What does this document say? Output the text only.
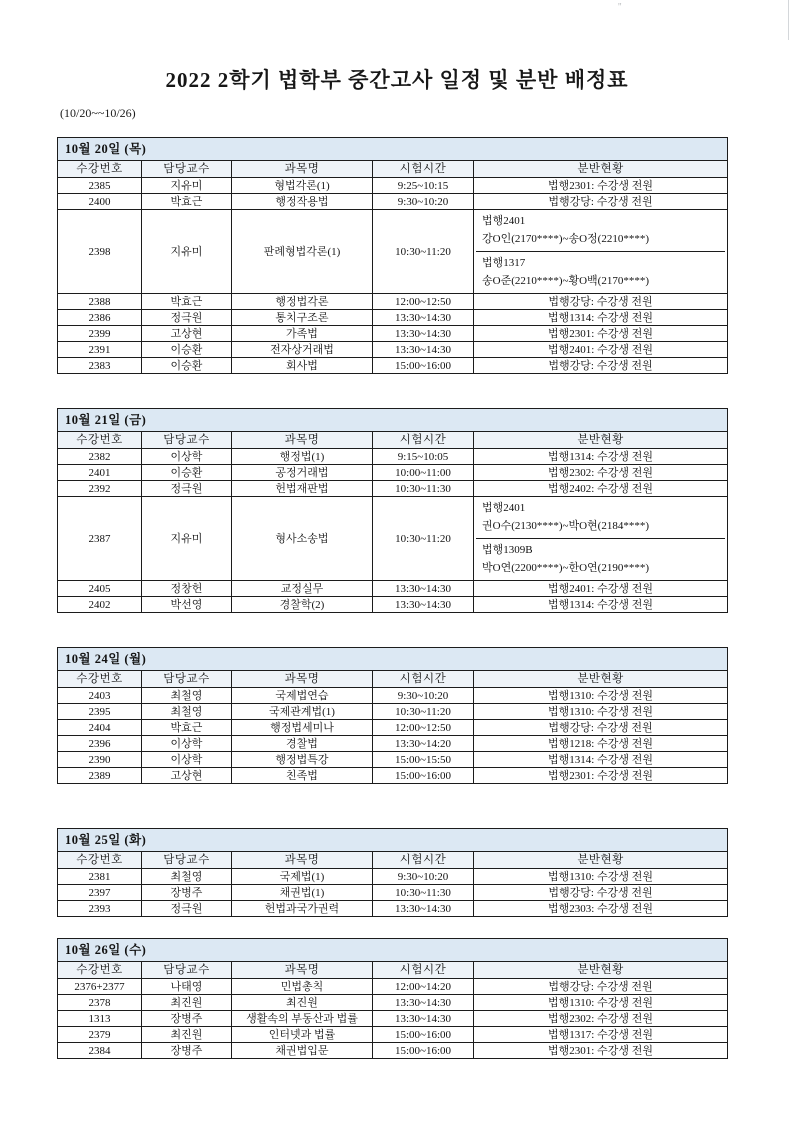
''
2022 2학기 법학부 중간고사 일정 및 분반 배정표
(10/20~~10/26)
10월 20일 (목)				
수강번호	담당교수	과목명	시험시간	분반현황
2385	지유미	형법각론(1)	9:25~10:15	법행2301: 수강생 전원
2400	박효근	행정작용법	9:30~10:20	법행강당: 수강생 전원
2398	지유미	판례형법각론(1)	10:30~11:20	법행2401
강O인(2170****)~송O정(2210****)
법행1317
송O준(2210****)~황O백(2170****)

2388	박효근	행정법각론	12:00~12:50	법행강당: 수강생 전원
2386	정극원	통치구조론	13:30~14:30	법행1314: 수강생 전원
2399	고상현	가족법	13:30~14:30	법행2301: 수강생 전원
2391	이승환	전자상거래법	13:30~14:30	법행2401: 수강생 전원
2383	이승환	회사법	15:00~16:00	법행강당: 수강생 전원
10월 21일 (금)				
수강번호	담당교수	과목명	시험시간	분반현황
2382	이상학	행정법(1)	9:15~10:05	법행1314: 수강생 전원
2401	이승환	공정거래법	10:00~11:00	법행2302: 수강생 전원
2392	정극원	헌법재판법	10:30~11:30	법행2402: 수강생 전원
2387	지유미	형사소송법	10:30~11:20	법행2401
권O수(2130****)~박O현(2184****)
법행1309B
박O연(2200****)~한O연(2190****)

2405	정창헌	교정실무	13:30~14:30	법행2401: 수강생 전원
2402	박선영	경찰학(2)	13:30~14:30	법행1314: 수강생 전원
10월 24일 (월)				
수강번호	담당교수	과목명	시험시간	분반현황
2403	최철영	국제법연습	9:30~10:20	법행1310: 수강생 전원
2395	최철영	국제관계법(1)	10:30~11:20	법행1310: 수강생 전원
2404	박효근	행정법세미나	12:00~12:50	법행강당: 수강생 전원
2396	이상학	경찰법	13:30~14:20	법행1218: 수강생 전원
2390	이상학	행정법특강	15:00~15:50	법행1314: 수강생 전원
2389	고상현	친족법	15:00~16:00	법행2301: 수강생 전원
10월 25일 (화)				
수강번호	담당교수	과목명	시험시간	분반현황
2381	최철영	국제법(1)	9:30~10:20	법행1310: 수강생 전원
2397	장병주	채권법(1)	10:30~11:30	법행강당: 수강생 전원
2393	정극원	헌법과국가권력	13:30~14:30	법행2303: 수강생 전원
10월 26일 (수)				
수강번호	담당교수	과목명	시험시간	분반현황
2376+2377	나태영	민법총칙	12:00~14:20	법행강당: 수강생 전원
2378	최진원	최진원	13:30~14:30	법행1310: 수강생 전원
1313	장병주	생활속의 부동산과 법률	13:30~14:30	법행2302: 수강생 전원
2379	최진원	인터넷과 법률	15:00~16:00	법행1317: 수강생 전원
2384	장병주	채권법입문	15:00~16:00	법행2301: 수강생 전원
